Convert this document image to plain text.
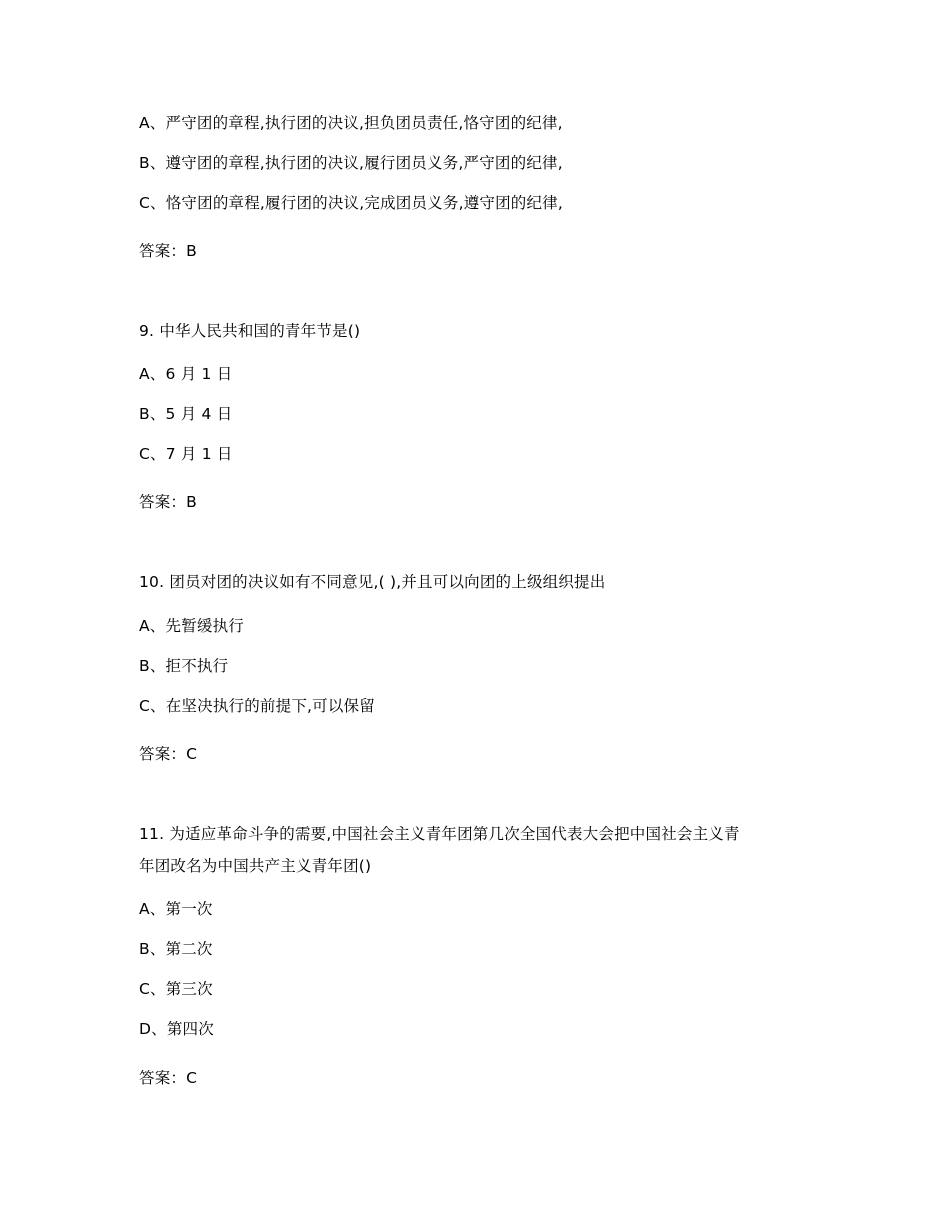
A、严守团的章程,执行团的决议,担负团员责任,恪守团的纪律,
B、遵守团的章程,执行团的决议,履行团员义务,严守团的纪律,
C、恪守团的章程,履行团的决议,完成团员义务,遵守团的纪律,
答案：B
9. 中华人民共和国的青年节是()
A、6 月 1 日
B、5 月 4 日
C、7 月 1 日
答案：B
10. 团员对团的决议如有不同意见,( ),并且可以向团的上级组织提出
A、先暂缓执行
B、拒不执行
C、在坚决执行的前提下,可以保留
答案：C
11. 为适应革命斗争的需要,中国社会主义青年团第几次全国代表大会把中国社会主义青
年团改名为中国共产主义青年团()
A、第一次
B、第二次
C、第三次
D、第四次
答案：C
